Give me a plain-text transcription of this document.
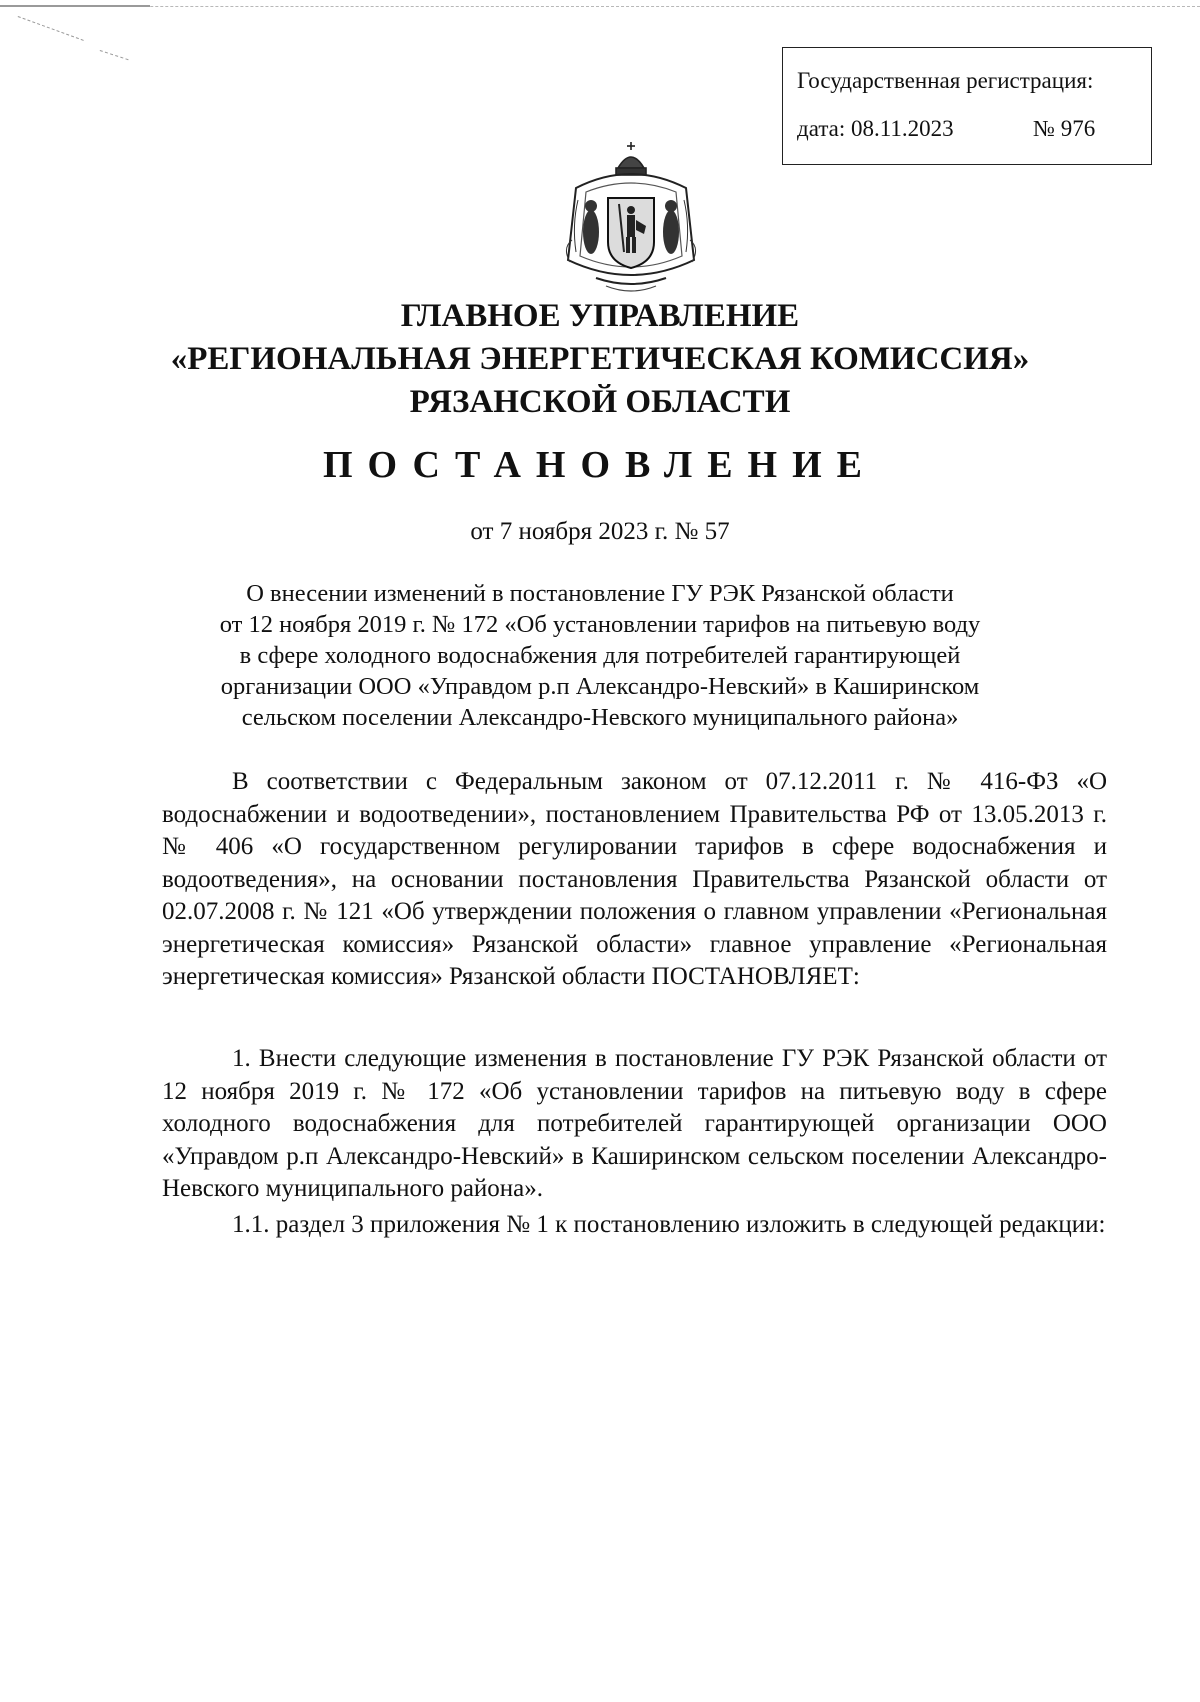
Государственная регистрация:
дата: 08.11.2023	№ 976
ГЛАВНОЕ УПРАВЛЕНИЕ
«РЕГИОНАЛЬНАЯ ЭНЕРГЕТИЧЕСКАЯ КОМИССИЯ»
РЯЗАНСКОЙ ОБЛАСТИ
ПОСТАНОВЛЕНИЕ
от 7 ноября 2023 г. № 57
О внесении изменений в постановление ГУ РЭК Рязанской области
от 12 ноября 2019 г. № 172 «Об установлении тарифов на питьевую воду
в сфере холодного водоснабжения для потребителей гарантирующей
организации ООО «Управдом р.п Александро-Невский» в Каширинском
сельском поселении Александро-Невского муниципального района»
В соответствии с Федеральным законом от 07.12.2011 г. № 416-ФЗ «О водоснабжении и водоотведении», постановлением Правительства РФ от 13.05.2013 г. № 406 «О государственном регулировании тарифов в сфере водоснабжения и водоотведения», на основании постановления Правительства Рязанской области от 02.07.2008 г. № 121 «Об утверждении положения о главном управлении «Региональная энергетическая комиссия» Рязанской области» главное управление «Региональная энергетическая комиссия» Рязанской области ПОСТАНОВЛЯЕТ:
1. Внести следующие изменения в постановление ГУ РЭК Рязанской области от 12 ноября 2019 г. № 172 «Об установлении тарифов на питьевую воду в сфере холодного водоснабжения для потребителей гарантирующей организации ООО «Управдом р.п Александро-Невский» в Каширинском сельском поселении Александро-Невского муниципального района».
1.1. раздел 3 приложения № 1 к постановлению изложить в следующей редакции:
